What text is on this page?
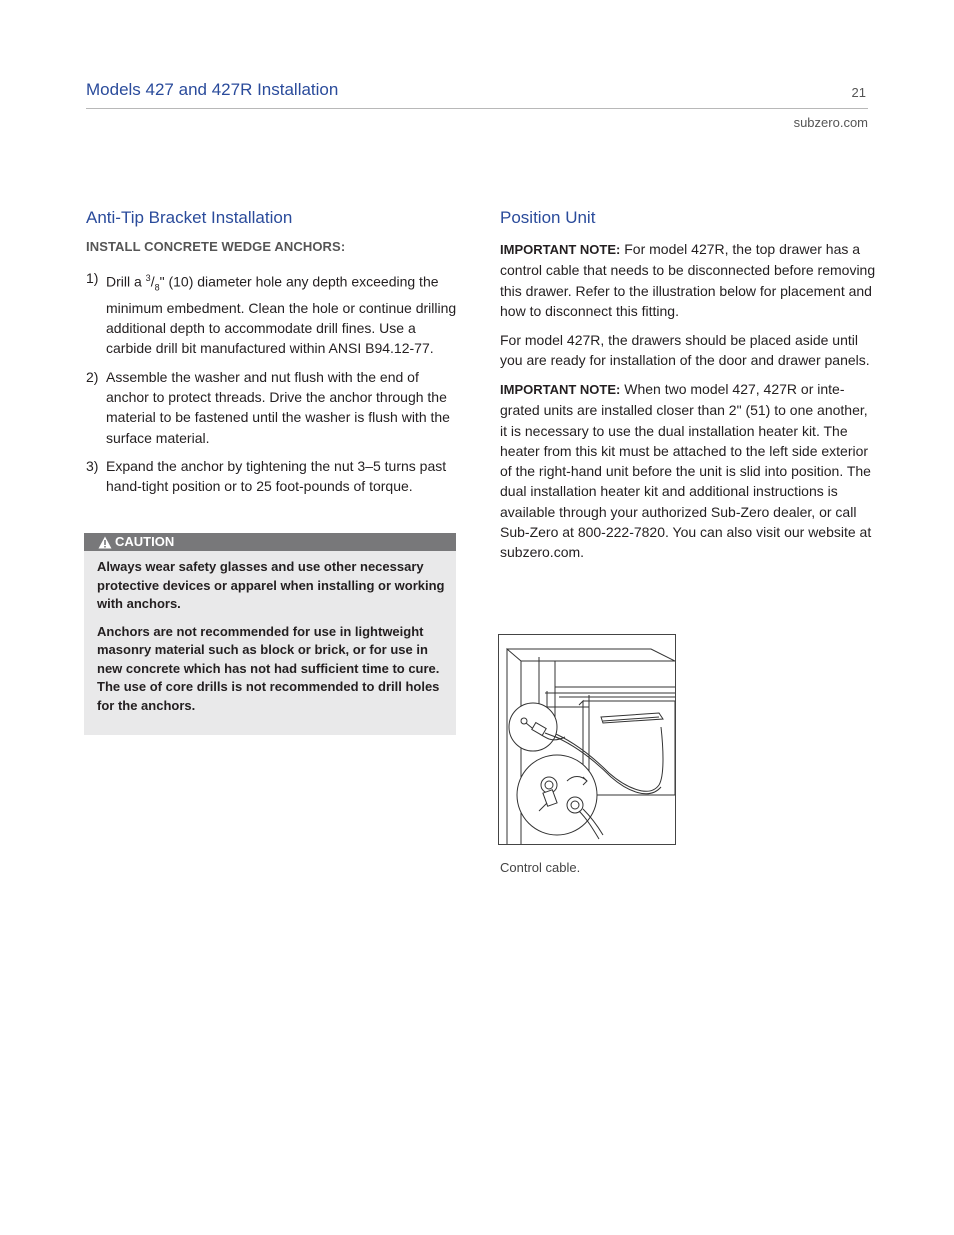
Models 427 and 427R Installation	21
subzero.com
Anti-Tip Bracket Installation
INSTALL CONCRETE WEDGE ANCHORS:
1) Drill a $^3/_8$" (10) diameter hole any depth exceeding the minimum embedment. Clean the hole or continue drilling additional depth to accommodate drill fines. Use a carbide drill bit manufactured within ANSI B94.12-77.
2) Assemble the washer and nut flush with the end of anchor to protect threads. Drive the anchor through the material to be fastened until the washer is flush with the surface material.
3) Expand the anchor by tightening the nut 3–5 turns past hand-tight position or to 25 foot-pounds of torque.
CAUTION

Always wear safety glasses and use other necessary protective devices or apparel when installing or working with anchors.

Anchors are not recommended for use in lightweight masonry material such as block or brick, or for use in new concrete which has not had sufficient time to cure. The use of core drills is not recommended to drill holes for the anchors.

Position Unit

IMPORTANT NOTE: For model 427R, the top drawer has a control cable that needs to be disconnected before removing this drawer. Refer to the illustration below for placement and how to disconnect this fitting.

For model 427R, the drawers should be placed aside until you are ready for installation of the door and drawer panels.

IMPORTANT NOTE: When two model 427, 427R or inte-grated units are installed closer than 2" (51) to one another, it is necessary to use the dual installation heater kit. The heater from this kit must be attached to the left side exterior of the right-hand unit before the unit is slid into position. The dual installation heater kit and additional instructions is available through your authorized Sub-Zero dealer, or call Sub-Zero at 800-222-7820. You can also visit our website at subzero.com.

Control cable.
